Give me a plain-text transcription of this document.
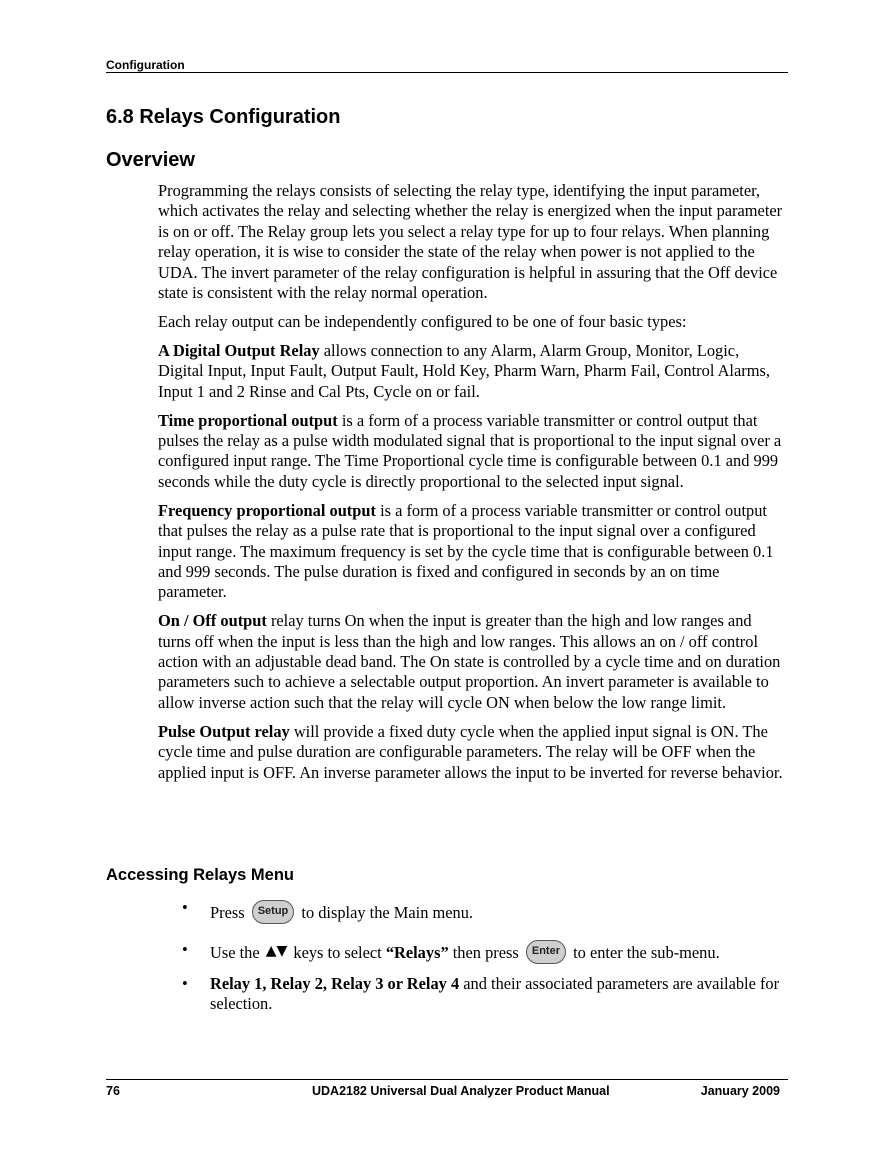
Configuration
6.8 Relays Configuration
Overview

Programming the relays consists of selecting the relay type, identifying the input parameter, which activates the relay and selecting whether the relay is energized when the input parameter is on or off. The Relay group lets you select a relay type for up to four relays. When planning relay operation, it is wise to consider the state of the relay when power is not applied to the UDA. The invert parameter of the relay configuration is helpful in assuring that the Off device state is consistent with the relay normal operation.

Each relay output can be independently configured to be one of four basic types:

A Digital Output Relay allows connection to any Alarm, Alarm Group, Monitor, Logic, Digital Input, Input Fault, Output Fault, Hold Key, Pharm Warn, Pharm Fail, Control Alarms, Input 1 and 2 Rinse and Cal Pts, Cycle on or fail.

Time proportional output is a form of a process variable transmitter or control output that pulses the relay as a pulse width modulated signal that is proportional to the input signal over a configured input range. The Time Proportional cycle time is configurable between 0.1 and 999 seconds while the duty cycle is directly proportional to the selected input signal.

Frequency proportional output is a form of a process variable transmitter or control output that pulses the relay as a pulse rate that is proportional to the input signal over a configured input range. The maximum frequency is set by the cycle time that is configurable between 0.1 and 999 seconds. The pulse duration is fixed and configured in seconds by an on time parameter.

On / Off output relay turns On when the input is greater than the high and low ranges and turns off when the input is less than the high and low ranges. This allows an on / off control action with an adjustable dead band. The On state is controlled by a cycle time and on duration parameters such to achieve a selectable output proportion. An invert parameter is available to allow inverse action such that the relay will cycle ON when below the low range limit.

Pulse Output relay will provide a fixed duty cycle when the applied input signal is ON. The cycle time and pulse duration are configurable parameters. The relay will be OFF when the applied input is OFF. An inverse parameter allows the input to be inverted for reverse behavior.

Accessing Relays Menu
• Press Setup to display the Main menu.
• Use the ▲▼ keys to select “Relays” then press Enter to enter the sub-menu.
• Relay 1, Relay 2, Relay 3 or Relay 4 and their associated parameters are available for selection.
76	UDA2182 Universal Dual Analyzer Product Manual	January 2009
